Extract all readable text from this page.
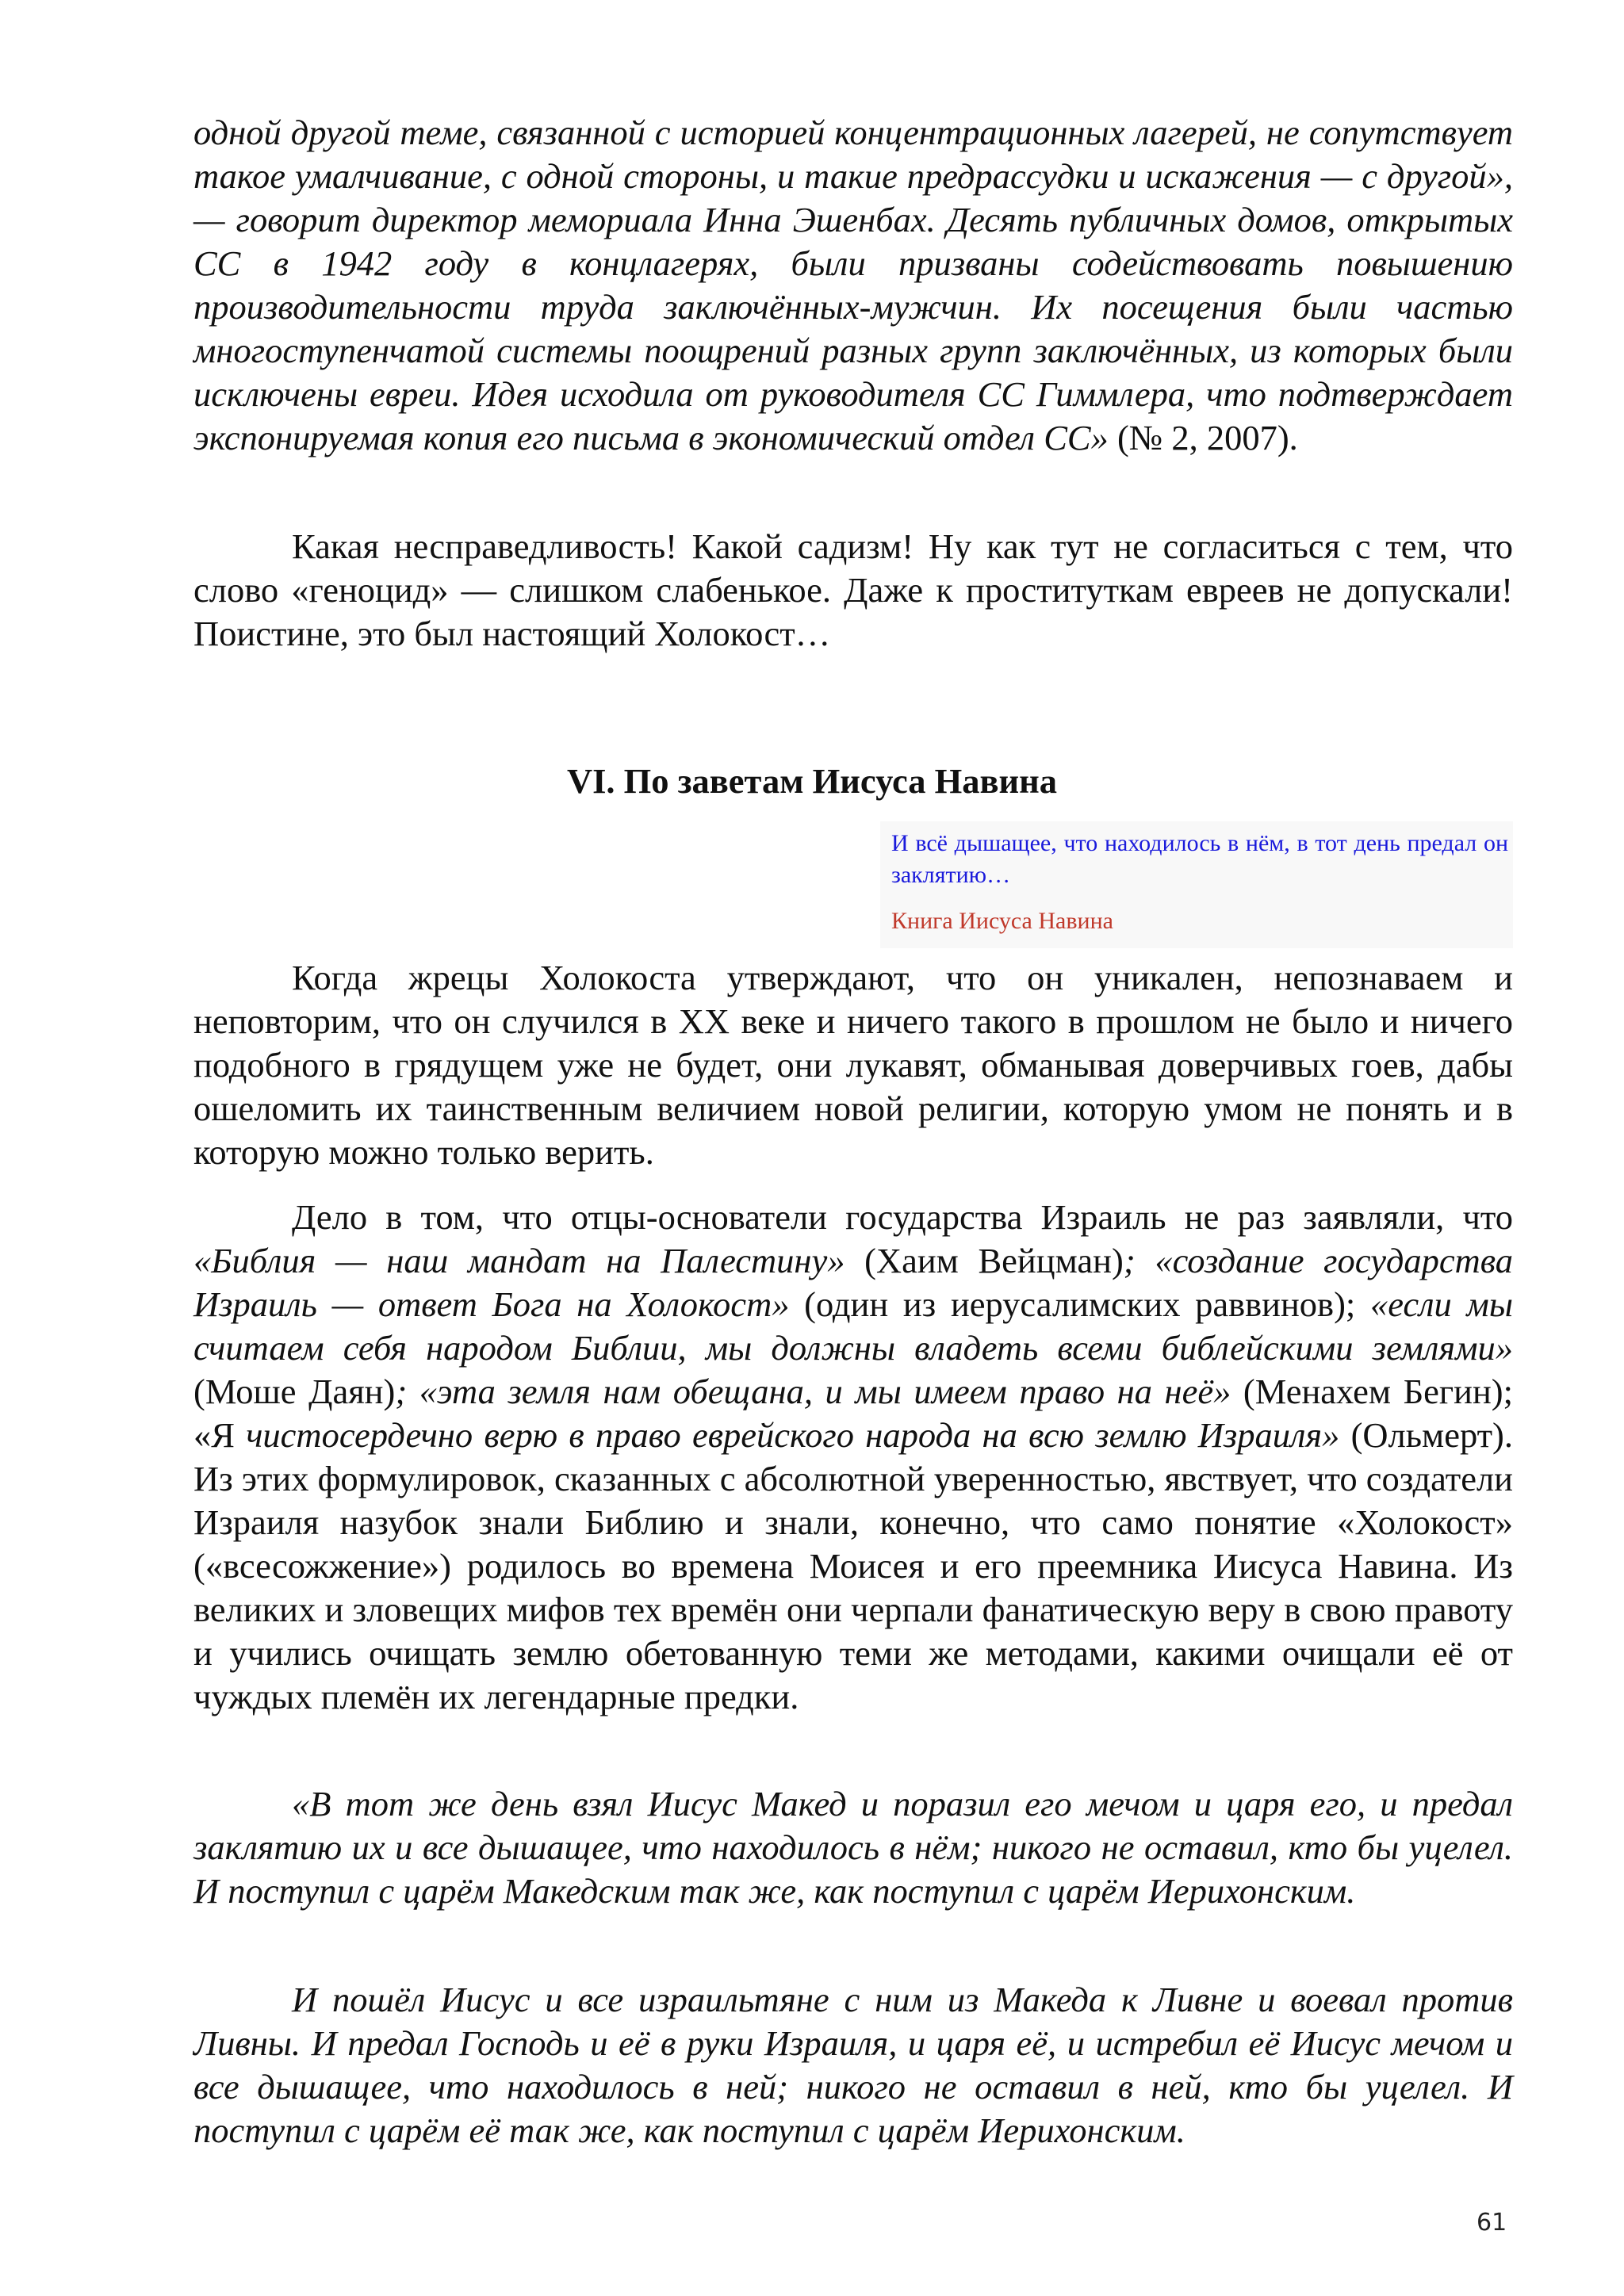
одной другой теме, связанной с историей концентрационных лагерей, не сопутствует такое умалчивание, с одной стороны, и такие предрассудки и искажения — с другой», — говорит директор мемориала Инна Эшенбах. Десять публичных домов, открытых СС в 1942 году в концлагерях, были призваны содействовать повышению производительности труда заключённых-мужчин. Их посещения были частью многоступенчатой системы поощрений разных групп заключённых, из которых были исключены евреи. Идея исходила от руководителя СС Гиммлера, что подтверждает экспонируемая копия его письма в экономический отдел СС» (№ 2, 2007).

Какая несправедливость! Какой садизм! Ну как тут не согласиться с тем, что слово «геноцид» — слишком слабенькое. Даже к проституткам евреев не допускали! Поистине, это был настоящий Холокост…

VI. По заветам Иисуса Навина

И всё дышащее, что находилось в нём, в тот день предал он заклятию…

Книга Иисуса Навина

Когда жрецы Холокоста утверждают, что он уникален, непознаваем и неповторим, что он случился в ХХ веке и ничего такого в прошлом не было и ничего подобного в грядущем уже не будет, они лукавят, обманывая доверчивых гоев, дабы ошеломить их таинственным величием новой религии, которую умом не понять и в которую можно только верить.

Дело в том, что отцы-основатели государства Израиль не раз заявляли, что «Библия — наш мандат на Палестину» (Хаим Вейцман); «создание государства Израиль — ответ Бога на Холокост» (один из иерусалимских раввинов); «если мы считаем себя народом Библии, мы должны владеть всеми библейскими землями» (Моше Даян); «эта земля нам обещана, и мы имеем право на неё» (Менахем Бегин); «Я чистосердечно верю в право еврейского народа на всю землю Израиля» (Ольмерт). Из этих формулировок, сказанных с абсолютной уверенностью, явствует, что создатели Израиля назубок знали Библию и знали, конечно, что само понятие «Холокост» («всесожжение») родилось во времена Моисея и его преемника Иисуса Навина. Из великих и зловещих мифов тех времён они черпали фанатическую веру в свою правоту и учились очищать землю обетованную теми же методами, какими очищали её от чуждых племён их легендарные предки.

«В тот же день взял Иисус Макед и поразил его мечом и царя его, и предал заклятию их и все дышащее, что находилось в нём; никого не оставил, кто бы уцелел. И поступил с царём Македским так же, как поступил с царём Иерихонским.

И пошёл Иисус и все израильтяне с ним из Македа к Ливне и воевал против Ливны. И предал Господь и её в руки Израиля, и царя её, и истребил её Иисус мечом и все дышащее, что находилось в ней; никого не оставил в ней, кто бы уцелел. И поступил с царём её так же, как поступил с царём Иерихонским.

61
